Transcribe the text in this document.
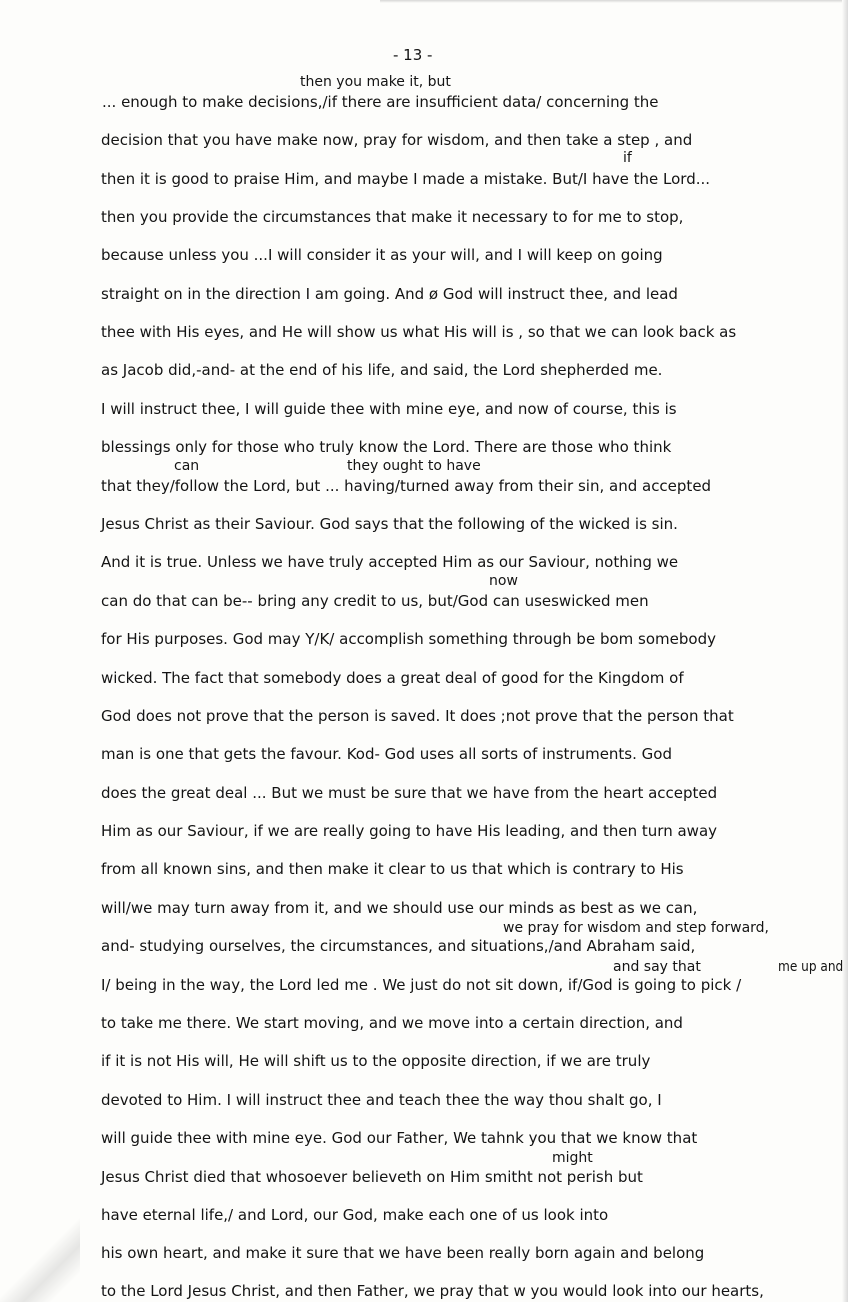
- 13 -
then you make it, but
if
can	they ought to have
now
we pray for wisdom and step forward,
and say that	me up and
might
... enough to make decisions,/if there are insufficient data/ concerning the
decision that you have make now, pray for wisdom, and then take a step , and
then it is good to praise Him, and maybe I made a mistake. But/I have the Lord...
then you provide the circumstances that make it necessary to for me to stop,
because unless you ...I will consider it as your will, and I will keep on going
straight on in the direction I am going. And ø God will instruct thee, and lead
thee with His eyes, and He will show us what His will is , so that we can look back as
as Jacob did,-and- at the end of his life, and said, the Lord shepherded me.
I will instruct thee, I will guide thee with mine eye, and now of course, this is
blessings only for those who truly know the Lord. There are those who think
that they/follow the Lord, but ... having/turned away from their sin, and accepted
Jesus Christ as their Saviour. God says that the following of the wicked is sin.
And it is true. Unless we have truly accepted Him as our Saviour, nothing we
can do that can be-- bring any credit to us, but/God can useswicked men
for His purposes. God may Y/K/ accomplish something through be bom somebody
wicked. The fact that somebody does a great deal of good for the Kingdom of
God does not prove that the person is saved. It does ;not prove that the person that
man is one that gets the favour. Kod- God uses all sorts of instruments. God
does the great deal ... But we must be sure that we have from the heart accepted
Him as our Saviour, if we are really going to have His leading, and then turn away
from all known sins, and then make it clear to us that which is contrary to His
will/we may turn away from it, and we should use our minds as best as we can,
and- studying ourselves, the circumstances, and situations,/and Abraham said,
I/ being in the way, the Lord led me . We just do not sit down, if/God is going to pick /
to take me there. We start moving, and we move into a certain direction, and
if it is not His will, He will shift us to the opposite direction, if we are truly
devoted to Him. I will instruct thee and teach thee the way thou shalt go, I
will guide thee with mine eye. God our Father, We tahnk you that we know that
Jesus Christ died that whosoever believeth on Him smitht not perish but
have eternal life,/ and Lord, our God, make each one of us look into
his own heart, and make it sure that we have been really born again and belong
to the Lord Jesus Christ, and then Father, we pray that w you would look into our hearts,
